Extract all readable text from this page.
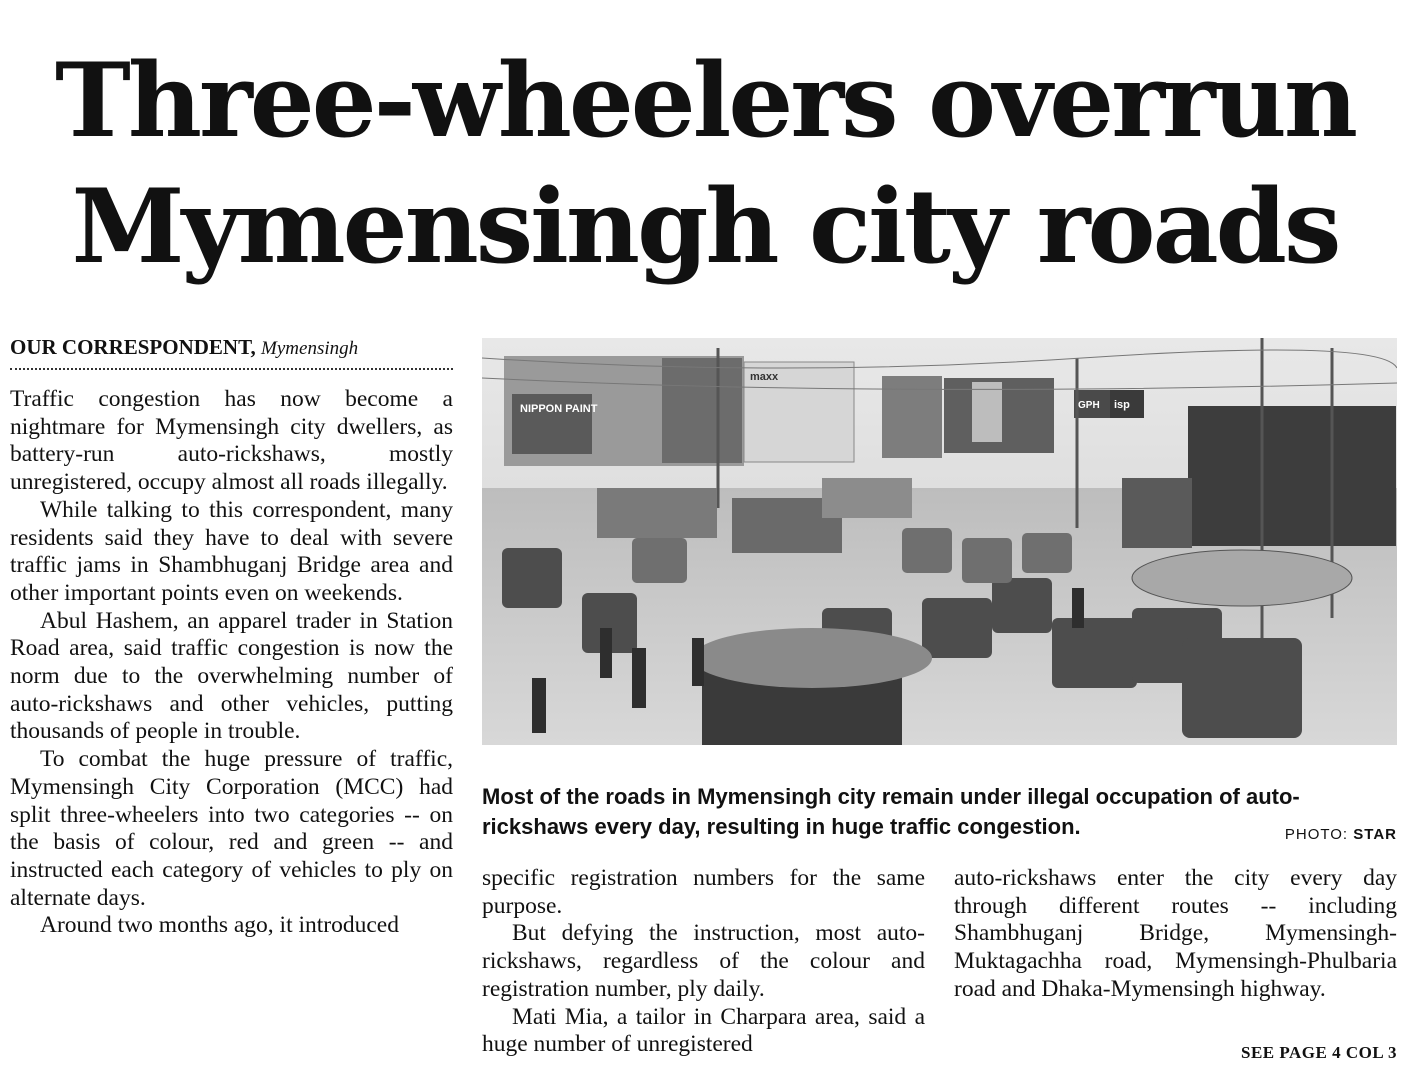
Three-wheelers overrun
Mymensingh city roads
OUR CORRESPONDENT, Mymensingh

Traffic congestion has now become a nightmare for Mymensingh city dwellers, as battery-run auto-rickshaws, mostly unregistered, occupy almost all roads illegally.

While talking to this correspondent, many residents said they have to deal with severe traffic jams in Shambhuganj Bridge area and other important points even on weekends.

Abul Hashem, an apparel trader in Station Road area, said traffic congestion is now the norm due to the overwhelming number of auto-rickshaws and other vehicles, putting thousands of people in trouble.

To combat the huge pressure of traffic, Mymensingh City Corporation (MCC) had split three-wheelers into two categories -- on the basis of colour, red and green -- and instructed each category of vehicles to ply on alternate days.

Around two months ago, it introduced

NIPPON PAINT
maxx
GPH isp
Most of the roads in Mymensingh city remain under illegal occupation of auto-rickshaws every day, resulting in huge traffic congestion.	PHOTO: STAR

specific registration numbers for the same purpose.

But defying the instruction, most auto-rickshaws, regardless of the colour and registration number, ply daily.

Mati Mia, a tailor in Charpara area, said a huge number of unregistered

auto-rickshaws enter the city every day through different routes -- including Shambhuganj Bridge, Mymensingh-Muktagachha road, Mymensingh-Phulbaria road and Dhaka-Mymensingh highway.

SEE PAGE 4 COL 3
